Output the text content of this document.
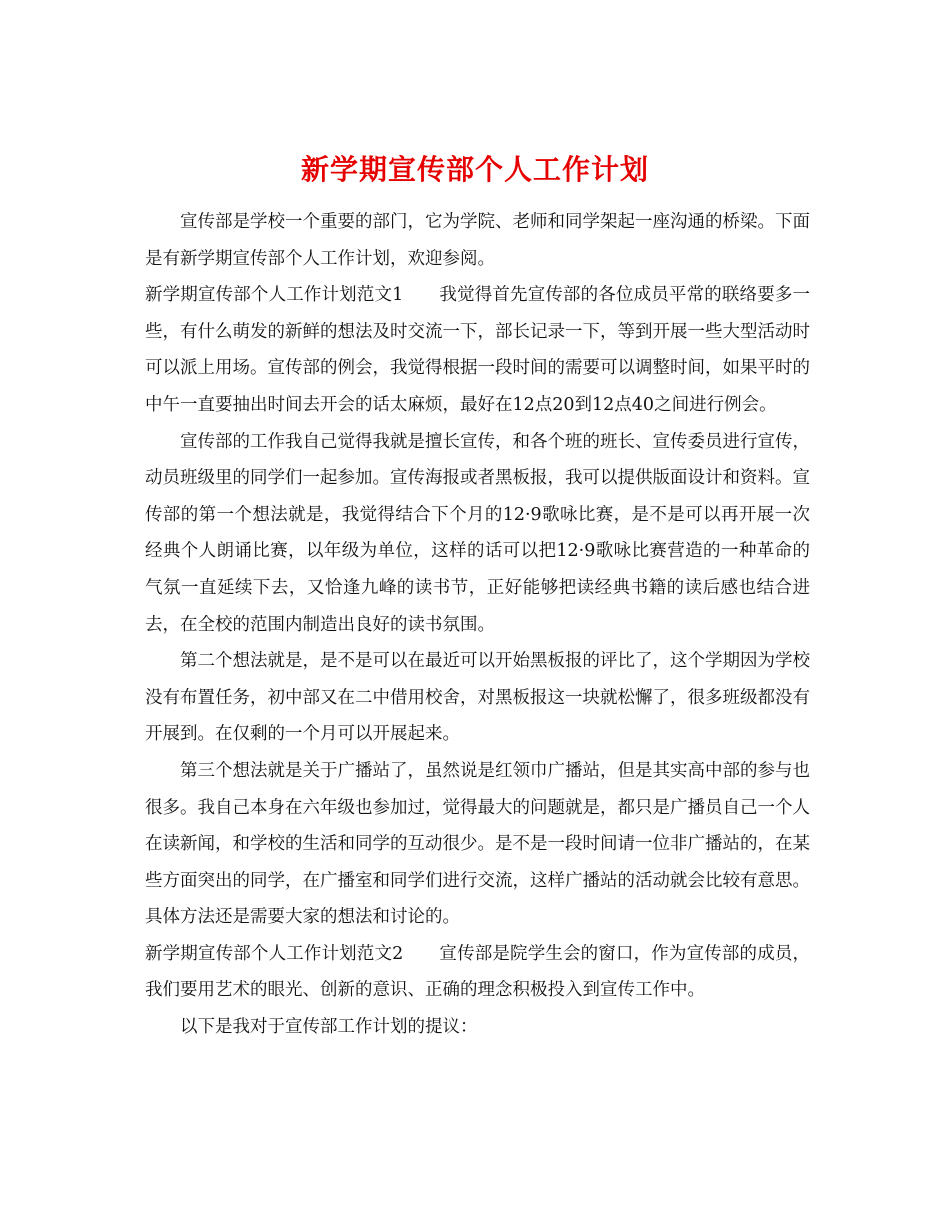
新学期宣传部个人工作计划

宣传部是学校一个重要的部门，它为学院、老师和同学架起一座沟通的桥梁。下面是有新学期宣传部个人工作计划，欢迎参阅。

新学期宣传部个人工作计划范文1 我觉得首先宣传部的各位成员平常的联络要多一些，有什么萌发的新鲜的想法及时交流一下，部长记录一下，等到开展一些大型活动时可以派上用场。宣传部的例会，我觉得根据一段时间的需要可以调整时间，如果平时的中午一直要抽出时间去开会的话太麻烦，最好在12点20到12点40之间进行例会。

宣传部的工作我自己觉得我就是擅长宣传，和各个班的班长、宣传委员进行宣传，动员班级里的同学们一起参加。宣传海报或者黑板报，我可以提供版面设计和资料。宣传部的第一个想法就是，我觉得结合下个月的12·9歌咏比赛，是不是可以再开展一次经典个人朗诵比赛，以年级为单位，这样的话可以把12·9歌咏比赛营造的一种革命的气氛一直延续下去，又恰逢九峰的读书节，正好能够把读经典书籍的读后感也结合进去，在全校的范围内制造出良好的读书氛围。

第二个想法就是，是不是可以在最近可以开始黑板报的评比了，这个学期因为学校没有布置任务，初中部又在二中借用校舍，对黑板报这一块就松懈了，很多班级都没有开展到。在仅剩的一个月可以开展起来。

第三个想法就是关于广播站了，虽然说是红领巾广播站，但是其实高中部的参与也很多。我自己本身在六年级也参加过，觉得最大的问题就是，都只是广播员自己一个人在读新闻，和学校的生活和同学的互动很少。是不是一段时间请一位非广播站的，在某些方面突出的同学，在广播室和同学们进行交流，这样广播站的活动就会比较有意思。具体方法还是需要大家的想法和讨论的。

新学期宣传部个人工作计划范文2 宣传部是院学生会的窗口，作为宣传部的成员，我们要用艺术的眼光、创新的意识、正确的理念积极投入到宣传工作中。

以下是我对于宣传部工作计划的提议：
